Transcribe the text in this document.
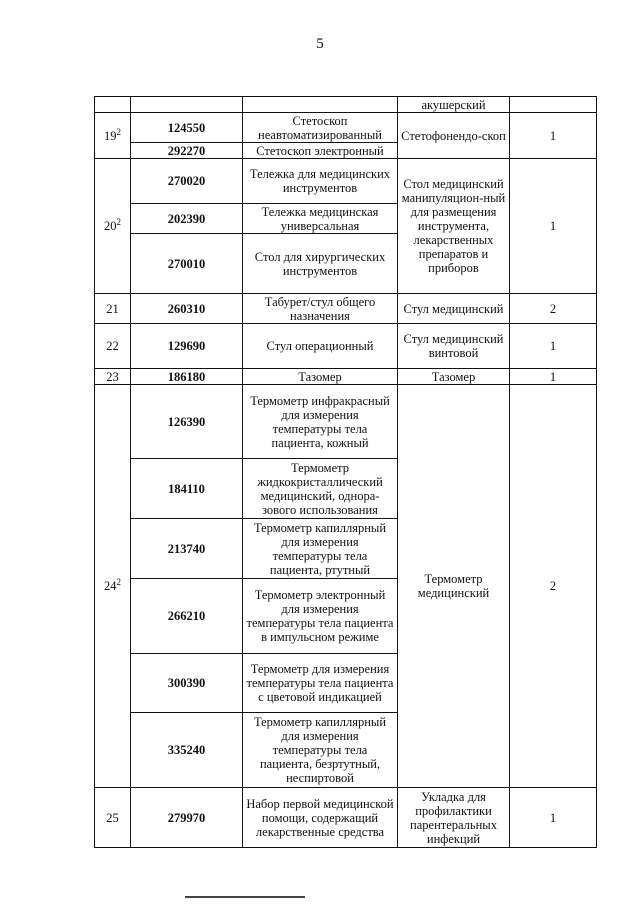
5
			акушерский	
$19^2$	124550	Стетоскоп неавтоматизированный	Стетофонендо-скоп	1
	292270	Стетоскоп электронный		
$20^2$	270020	Тележка для медицинских инструментов	Стол медицинский манипуляцион-ный для размещения инструмента, лекарственных препаратов и приборов	1
	202390	Тележка медицинская универсальная		
	270010	Стол для хирургических инструментов		
21	260310	Табурет/стул общего назначения	Стул медицинский	2
22	129690	Стул операционный	Стул медицинский винтовой	1
23	186180	Тазомер	Тазомер	1
$24^2$	126390	Термометр инфракрасный для измерения температуры тела пациента, кожный	Термометр медицинский	2
	184110	Термометр жидкокристаллический медицинский, однора-зового использования		
	213740	Термометр капиллярный для измерения температуры тела пациента, ртутный		
	266210	Термометр электронный для измерения температуры тела пациента в импульсном режиме		
	300390	Термометр для измерения температуры тела пациента с цветовой индикацией		
	335240	Термометр капиллярный для измерения температуры тела пациента, безртутный, неспиртовой		
25	279970	Набор первой медицинской помощи, содержащий лекарственные средства	Укладка для профилактики парентеральных инфекций	1
